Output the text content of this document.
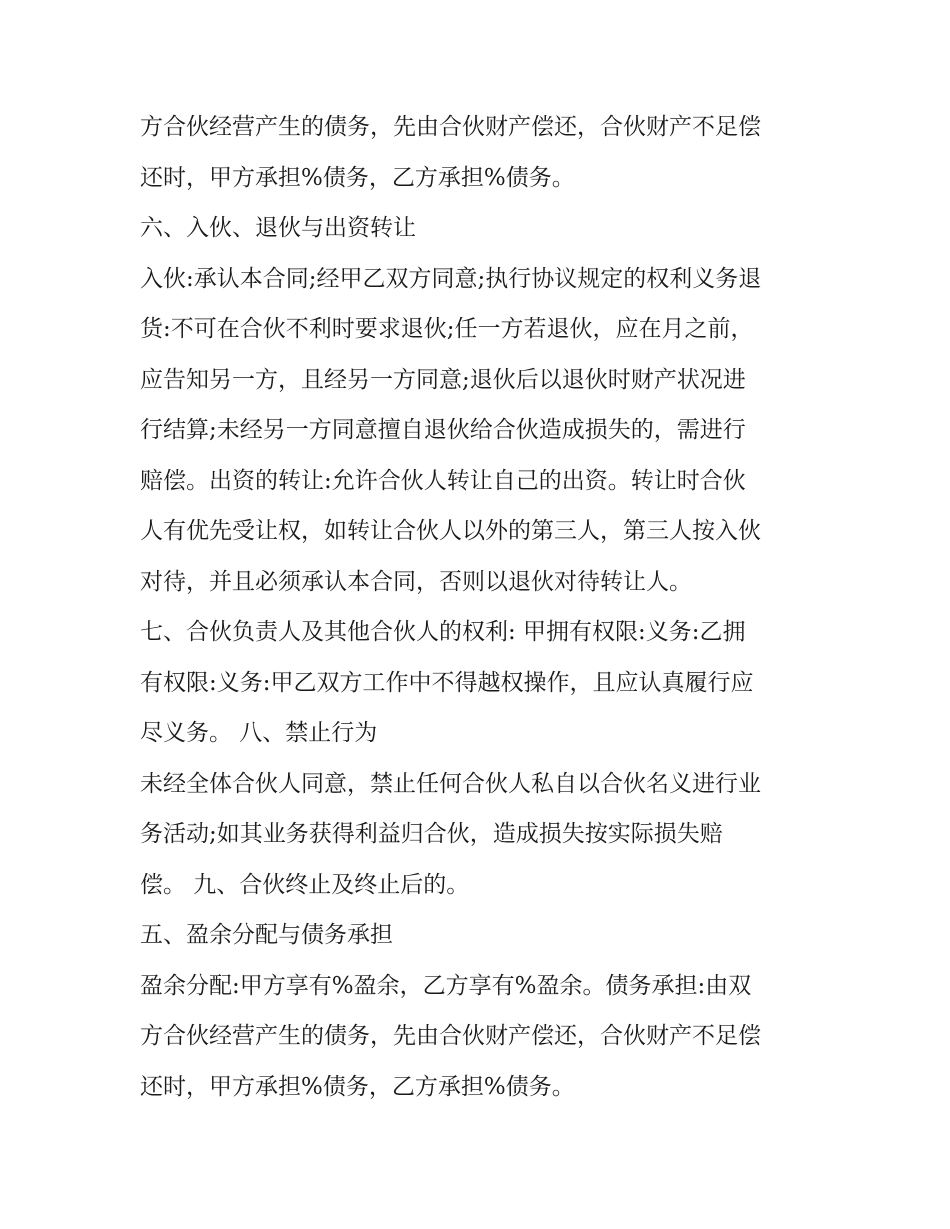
方合伙经营产生的债务，先由合伙财产偿还，合伙财产不足偿
还时，甲方承担%债务，乙方承担%债务。
六、入伙、退伙与出资转让
入伙:承认本合同;经甲乙双方同意;执行协议规定的权利义务退
货:不可在合伙不利时要求退伙;任一方若退伙，应在月之前，
应告知另一方，且经另一方同意;退伙后以退伙时财产状况进
行结算;未经另一方同意擅自退伙给合伙造成损失的，需进行
赔偿。出资的转让:允许合伙人转让自己的出资。转让时合伙
人有优先受让权，如转让合伙人以外的第三人，第三人按入伙
对待，并且必须承认本合同，否则以退伙对待转让人。
七、合伙负责人及其他合伙人的权利: 甲拥有权限:义务:乙拥
有权限:义务:甲乙双方工作中不得越权操作，且应认真履行应
尽义务。 八、禁止行为
未经全体合伙人同意，禁止任何合伙人私自以合伙名义进行业
务活动;如其业务获得利益归合伙，造成损失按实际损失赔
偿。 九、合伙终止及终止后的。
五、盈余分配与债务承担
盈余分配:甲方享有%盈余，乙方享有%盈余。债务承担:由双
方合伙经营产生的债务，先由合伙财产偿还，合伙财产不足偿
还时，甲方承担%债务，乙方承担%债务。
